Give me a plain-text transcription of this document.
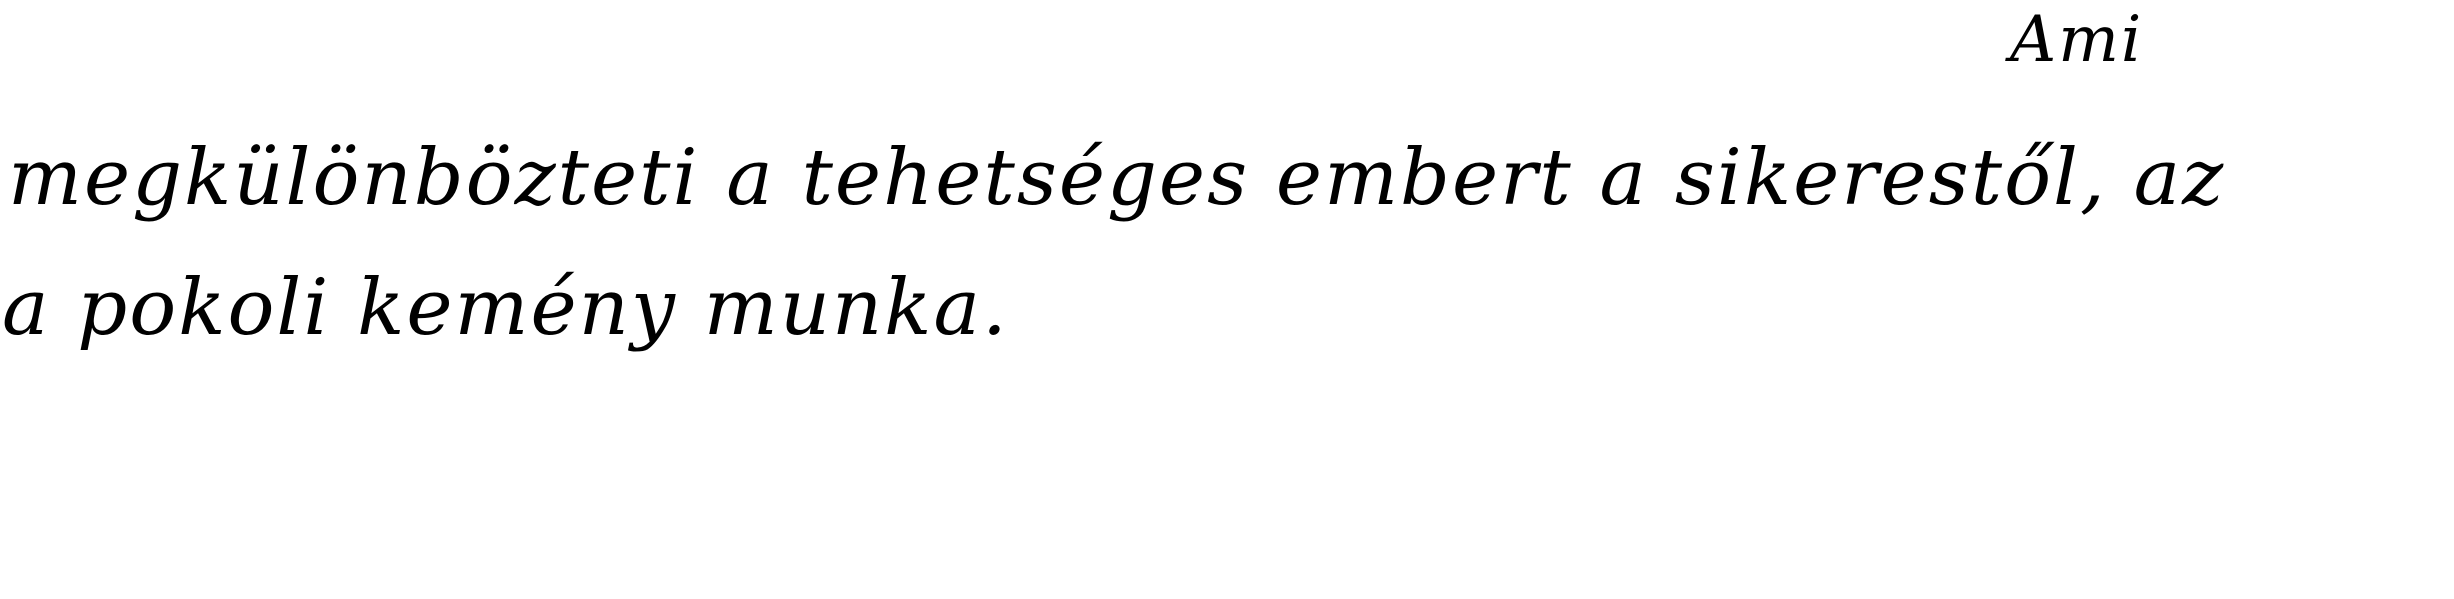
Ami

megkülönbözteti a tehetséges embert a sikerestől, az

a pokoli kemény munka.
